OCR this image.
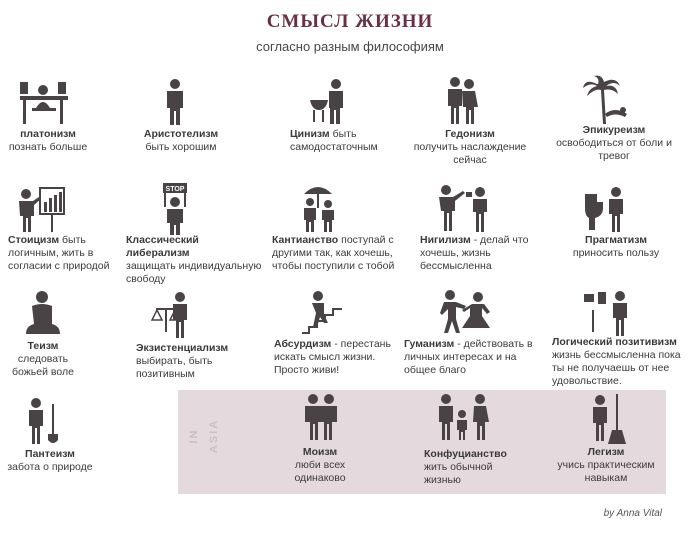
СМЫСЛ ЖИЗНИ
согласно разным философиям
IN ASIA
STOP
платонизм
познать больше
Аристотелизм
быть хорошим
Цинизм быть самодостаточным
Гедонизм
получить наслаждение сейчас
Эпикуреизм
освободиться от боли и тревог
Стоицизм быть логичным, жить в согласии с природой
Классический либерализм
защищать индивидуальную свободу
Кантианство поступай с другими так, как хочешь, чтобы поступили с тобой
Нигилизм - делай что хочешь, жизнь бессмысленна
Прагматизм
приносить пользу
Теизм
следовать божьей воле
Экзистенциализм
выбирать, быть позитивным
Абсурдизм - перестань искать смысл жизни. Просто живи!
Гуманизм - действовать в личных интересах и на общее благо
Логический позитивизм
жизнь бессмысленна пока ты не получаешь от нее удовольствие.
Пантеизм
забота о природе
Моизм
люби всех одинаково
Конфуцианство
жить обычной жизнью
Легизм
учись практическим навыкам
by Anna Vital
